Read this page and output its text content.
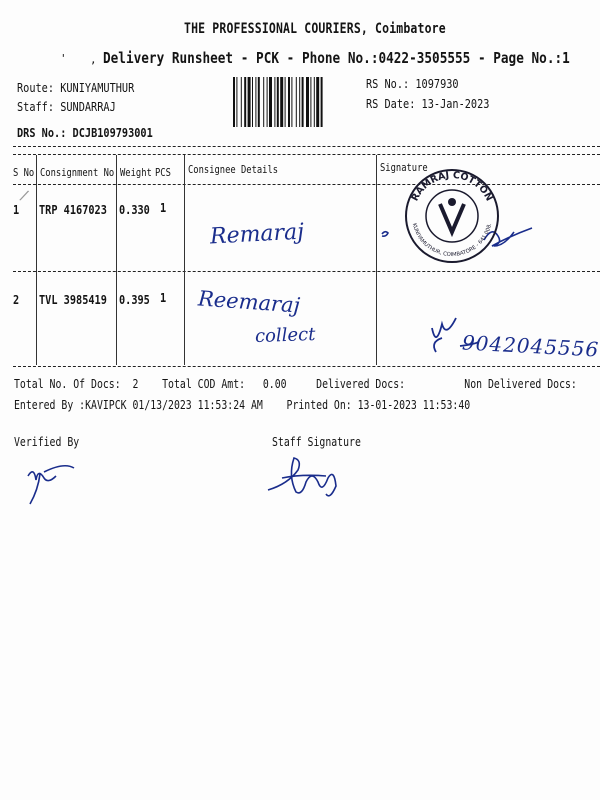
THE PROFESSIONAL COURIERS, Coimbatore
' , Delivery Runsheet - PCK - Phone No.:0422-3505555 - Page No.:1
Route: KUNIYAMUTHUR
Staff: SUNDARRAJ
DRS No.: DCJB109793001
RS No.: 1097930
RS Date: 13-Jan-2023
S No Consignment No Weight PCS Consignee Details	Signature
1 TRP 4167023 0.330 1
Remaraj
/
2 TVL 3985419 0.395 1 Reemaraj
collect	9042045556
RAMRAJ COTTON
KUNIYAMUTHUR, COIMBATORE - 641 008.
Total No. Of Docs: 2 Total COD Amt: 0.00 Delivered Docs:	Non Delivered Docs:
Entered By :KAVIPCK 01/13/2023 11:53:24 AM Printed On: 13-01-2023 11:53:40
Verified By	Staff Signature
